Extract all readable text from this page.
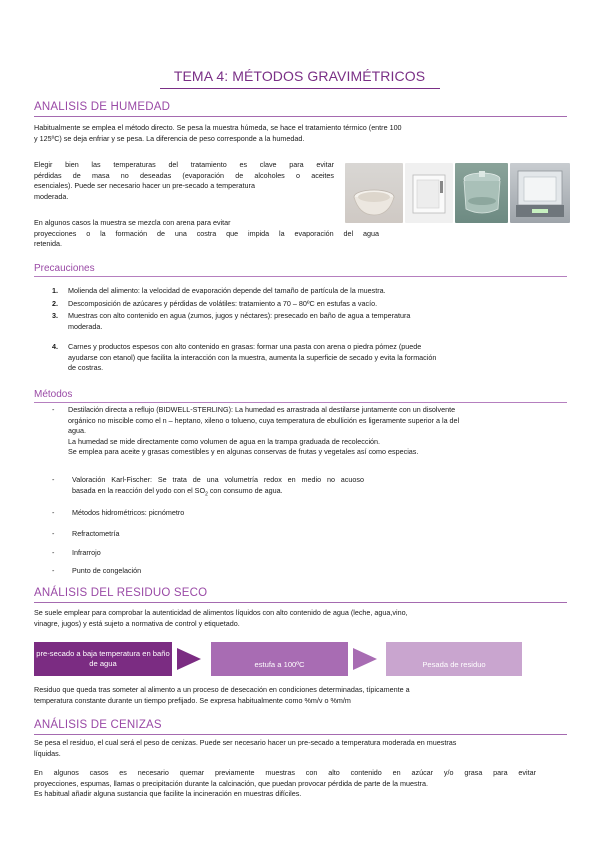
TEMA 4: MÉTODOS GRAVIMÉTRICOS
ANALISIS DE HUMEDAD
Habitualmente se emplea el método directo. Se pesa la muestra húmeda, se hace el tratamiento térmico (entre 100
y 125ºC) se deja enfriar y se pesa. La diferencia de peso corresponde a la humedad.
Elegir bien las temperaturas del tratamiento es clave para evitar
pérdidas de masa no deseadas (evaporación de alcoholes o aceites
esenciales). Puede ser necesario hacer un pre-secado a temperatura
moderada.
En algunos casos la muestra se mezcla con arena para evitar
proyecciones o la formación de una costra que impida la evaporación del agua
retenida.
Precauciones
1.	Molienda del alimento: la velocidad de evaporación depende del tamaño de partícula de la muestra.
2.	Descomposición de azúcares y pérdidas de volátiles: tratamiento a 70 – 80ºC en estufas a vacío.
3.	Muestras con alto contenido en agua (zumos, jugos y néctares): presecado en baño de agua a temperatura
moderada.
4.	Carnes y productos espesos con alto contenido en grasas: formar una pasta con arena o piedra pómez (puede
ayudarse con etanol) que facilita la interacción con la muestra, aumenta la superficie de secado y evita la formación
de costras.
Métodos
- Destilación directa a reflujo (BIDWELL-STERLING): La humedad es arrastrada al destilarse juntamente con un disolvente
orgánico no miscible como el n – heptano, xileno o tolueno, cuya temperatura de ebullición es ligeramente superior a la del
agua.
La humedad se mide directamente como volumen de agua en la trampa graduada de recolección.
Se emplea para aceite y grasas comestibles y en algunas conservas de frutas y vegetales así como especias.
- Valoración Karl-Fischer: Se trata de una volumetría redox en medio no acuoso
basada en la reacción del yodo con el $SO_2$ con consumo de agua.
- Métodos hidrométricos: picnómetro
- Refractometría
- Infrarrojo
- Punto de congelación
ANÁLISIS DEL RESIDUO SECO
Se suele emplear para comprobar la autenticidad de alimentos líquidos con alto contenido de agua (leche, agua,vino,
vinagre, jugos) y está sujeto a normativa de control y etiquetado.
pre-secado a baja temperatura en baño de agua	estufa a 100ºC	Pesada de residuo
Residuo que queda tras someter al alimento a un proceso de desecación en condiciones determinadas, típicamente a
temperatura constante durante un tiempo prefijado. Se expresa habitualmente como %m/v o %m/m
ANÁLISIS DE CENIZAS
Se pesa el residuo, el cual será el peso de cenizas. Puede ser necesario hacer un pre-secado a temperatura moderada en muestras
líquidas.
En algunos casos es necesario quemar previamente muestras con alto contenido en azúcar y/o grasa para evitar
proyecciones, espumas, llamas o precipitación durante la calcinación, que puedan provocar pérdida de parte de la muestra.
Es habitual añadir alguna sustancia que facilite la incineración en muestras difíciles.
